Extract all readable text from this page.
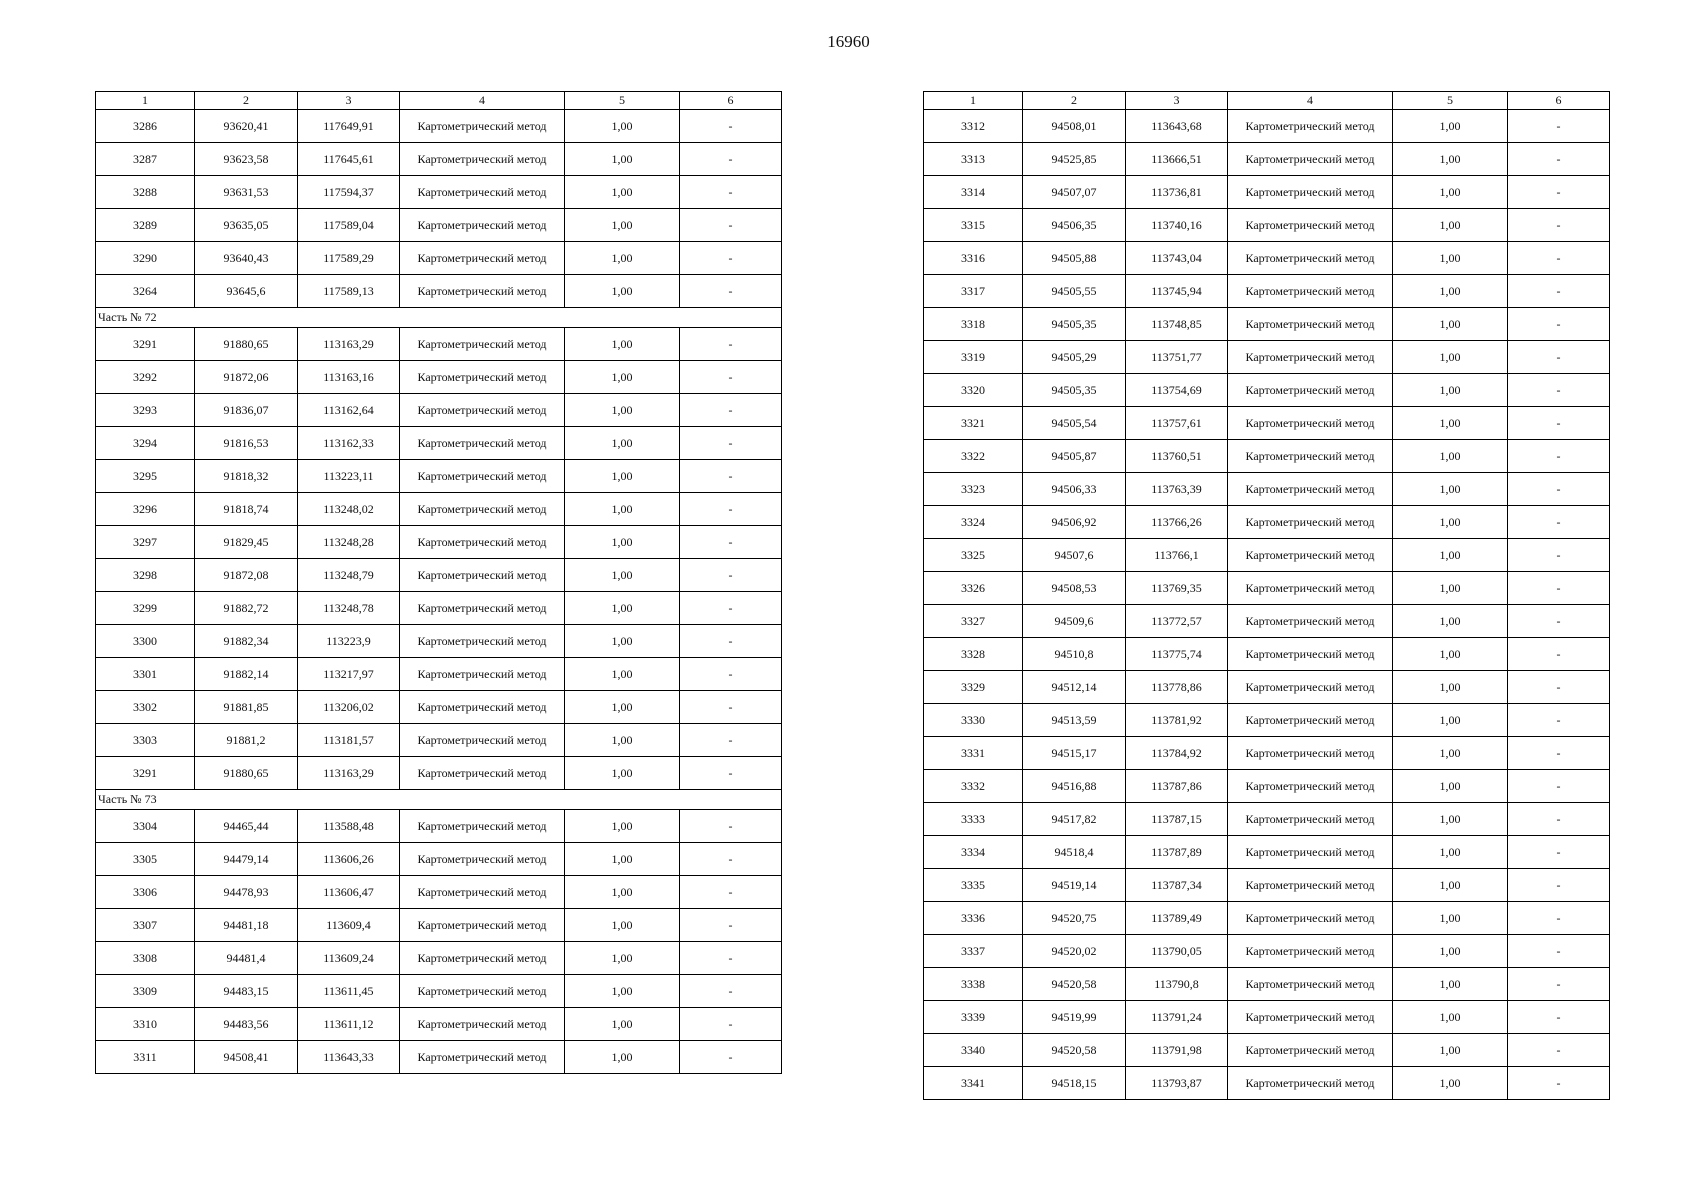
16960
1	2	3	4	5	6
3286	93620,41	117649,91	Картометрический метод	1,00	-
3287	93623,58	117645,61	Картометрический метод	1,00	-
3288	93631,53	117594,37	Картометрический метод	1,00	-
3289	93635,05	117589,04	Картометрический метод	1,00	-
3290	93640,43	117589,29	Картометрический метод	1,00	-
3264	93645,6	117589,13	Картометрический метод	1,00	-
Часть № 72					
3291	91880,65	113163,29	Картометрический метод	1,00	-
3292	91872,06	113163,16	Картометрический метод	1,00	-
3293	91836,07	113162,64	Картометрический метод	1,00	-
3294	91816,53	113162,33	Картометрический метод	1,00	-
3295	91818,32	113223,11	Картометрический метод	1,00	-
3296	91818,74	113248,02	Картометрический метод	1,00	-
3297	91829,45	113248,28	Картометрический метод	1,00	-
3298	91872,08	113248,79	Картометрический метод	1,00	-
3299	91882,72	113248,78	Картометрический метод	1,00	-
3300	91882,34	113223,9	Картометрический метод	1,00	-
3301	91882,14	113217,97	Картометрический метод	1,00	-
3302	91881,85	113206,02	Картометрический метод	1,00	-
3303	91881,2	113181,57	Картометрический метод	1,00	-
3291	91880,65	113163,29	Картометрический метод	1,00	-
Часть № 73					
3304	94465,44	113588,48	Картометрический метод	1,00	-
3305	94479,14	113606,26	Картометрический метод	1,00	-
3306	94478,93	113606,47	Картометрический метод	1,00	-
3307	94481,18	113609,4	Картометрический метод	1,00	-
3308	94481,4	113609,24	Картометрический метод	1,00	-
3309	94483,15	113611,45	Картометрический метод	1,00	-
3310	94483,56	113611,12	Картометрический метод	1,00	-
3311	94508,41	113643,33	Картометрический метод	1,00	-
1	2	3	4	5	6
3312	94508,01	113643,68	Картометрический метод	1,00	-
3313	94525,85	113666,51	Картометрический метод	1,00	-
3314	94507,07	113736,81	Картометрический метод	1,00	-
3315	94506,35	113740,16	Картометрический метод	1,00	-
3316	94505,88	113743,04	Картометрический метод	1,00	-
3317	94505,55	113745,94	Картометрический метод	1,00	-
3318	94505,35	113748,85	Картометрический метод	1,00	-
3319	94505,29	113751,77	Картометрический метод	1,00	-
3320	94505,35	113754,69	Картометрический метод	1,00	-
3321	94505,54	113757,61	Картометрический метод	1,00	-
3322	94505,87	113760,51	Картометрический метод	1,00	-
3323	94506,33	113763,39	Картометрический метод	1,00	-
3324	94506,92	113766,26	Картометрический метод	1,00	-
3325	94507,6	113766,1	Картометрический метод	1,00	-
3326	94508,53	113769,35	Картометрический метод	1,00	-
3327	94509,6	113772,57	Картометрический метод	1,00	-
3328	94510,8	113775,74	Картометрический метод	1,00	-
3329	94512,14	113778,86	Картометрический метод	1,00	-
3330	94513,59	113781,92	Картометрический метод	1,00	-
3331	94515,17	113784,92	Картометрический метод	1,00	-
3332	94516,88	113787,86	Картометрический метод	1,00	-
3333	94517,82	113787,15	Картометрический метод	1,00	-
3334	94518,4	113787,89	Картометрический метод	1,00	-
3335	94519,14	113787,34	Картометрический метод	1,00	-
3336	94520,75	113789,49	Картометрический метод	1,00	-
3337	94520,02	113790,05	Картометрический метод	1,00	-
3338	94520,58	113790,8	Картометрический метод	1,00	-
3339	94519,99	113791,24	Картометрический метод	1,00	-
3340	94520,58	113791,98	Картометрический метод	1,00	-
3341	94518,15	113793,87	Картометрический метод	1,00	-
